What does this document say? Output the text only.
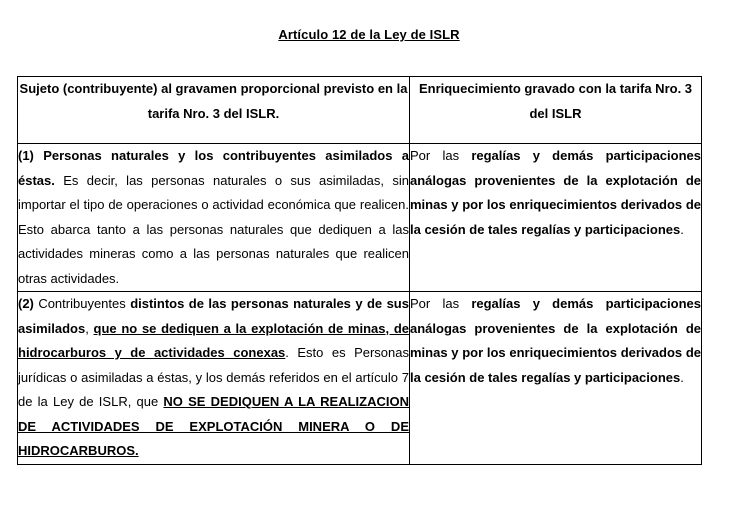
Artículo 12 de la Ley de ISLR
Sujeto (contribuyente) al gravamen proporcional previsto en la tarifa Nro. 3 del ISLR.	Enriquecimiento gravado con la tarifa Nro. 3 del ISLR

(1) Personas naturales y los contribuyentes asimilados a éstas. Es decir, las personas naturales o sus asimiladas, sin importar el tipo de operaciones o actividad económica que realicen. Esto abarca tanto a las personas naturales que dediquen a las actividades mineras como a las personas naturales que realicen otras actividades.	Por las regalías y demás participaciones análogas provenientes de la explotación de minas y por los enriquecimientos derivados de la cesión de tales regalías y participaciones.

(2) Contribuyentes distintos de las personas naturales y de sus asimilados, que no se dediquen a la explotación de minas, de hidrocarburos y de actividades conexas. Esto es Personas jurídicas o asimiladas a éstas, y los demás referidos en el artículo 7 de la Ley de ISLR, que NO SE DEDIQUEN A LA REALIZACION DE ACTIVIDADES DE EXPLOTACIÓN MINERA O DE HIDROCARBUROS.	Por las regalías y demás participaciones análogas provenientes de la explotación de minas y por los enriquecimientos derivados de la cesión de tales regalías y participaciones.
